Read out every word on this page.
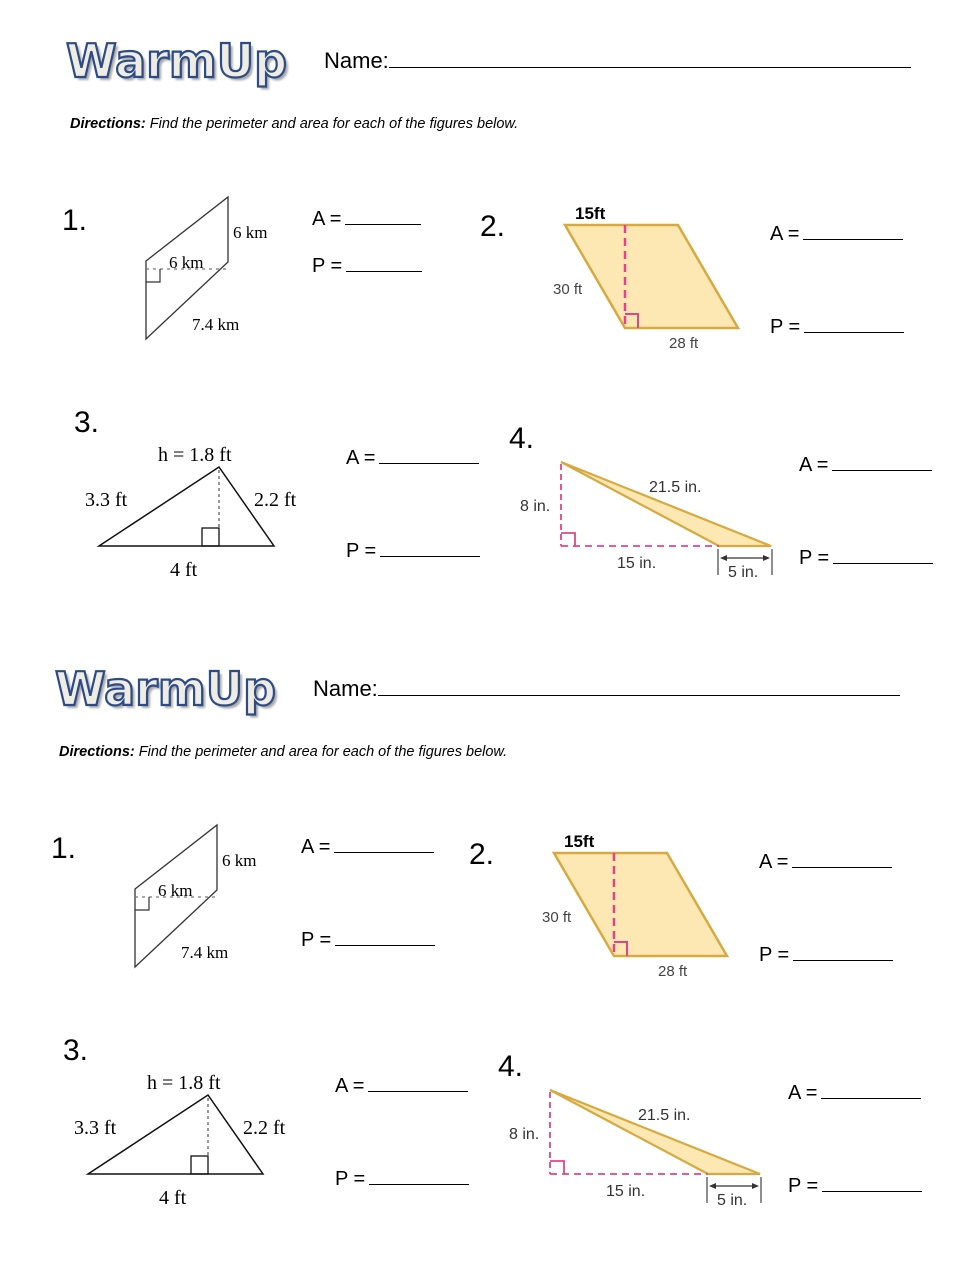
WarmUp Name:
Directions: Find the perimeter and area for each of the figures below.
1.	6 km
6 km
7.4 km
A =
P =
2.	15ft
30 ft
28 ft
A =
P =
3.
h = 1.8 ft
3.3 ft	2.2 ft
4 ft
A =
P =
4.
21.5 in.
8 in.
15 in.
5 in.
A =
P =
WarmUp Name:
Directions: Find the perimeter and area for each of the figures below.
1.	6 km
6 km
7.4 km
A =
P =
2.	15ft
30 ft
28 ft
A =
P =
3.
h = 1.8 ft
3.3 ft	2.2 ft
4 ft
A =
P =
4.
21.5 in.
8 in.
15 in.
5 in.
A =
P =
